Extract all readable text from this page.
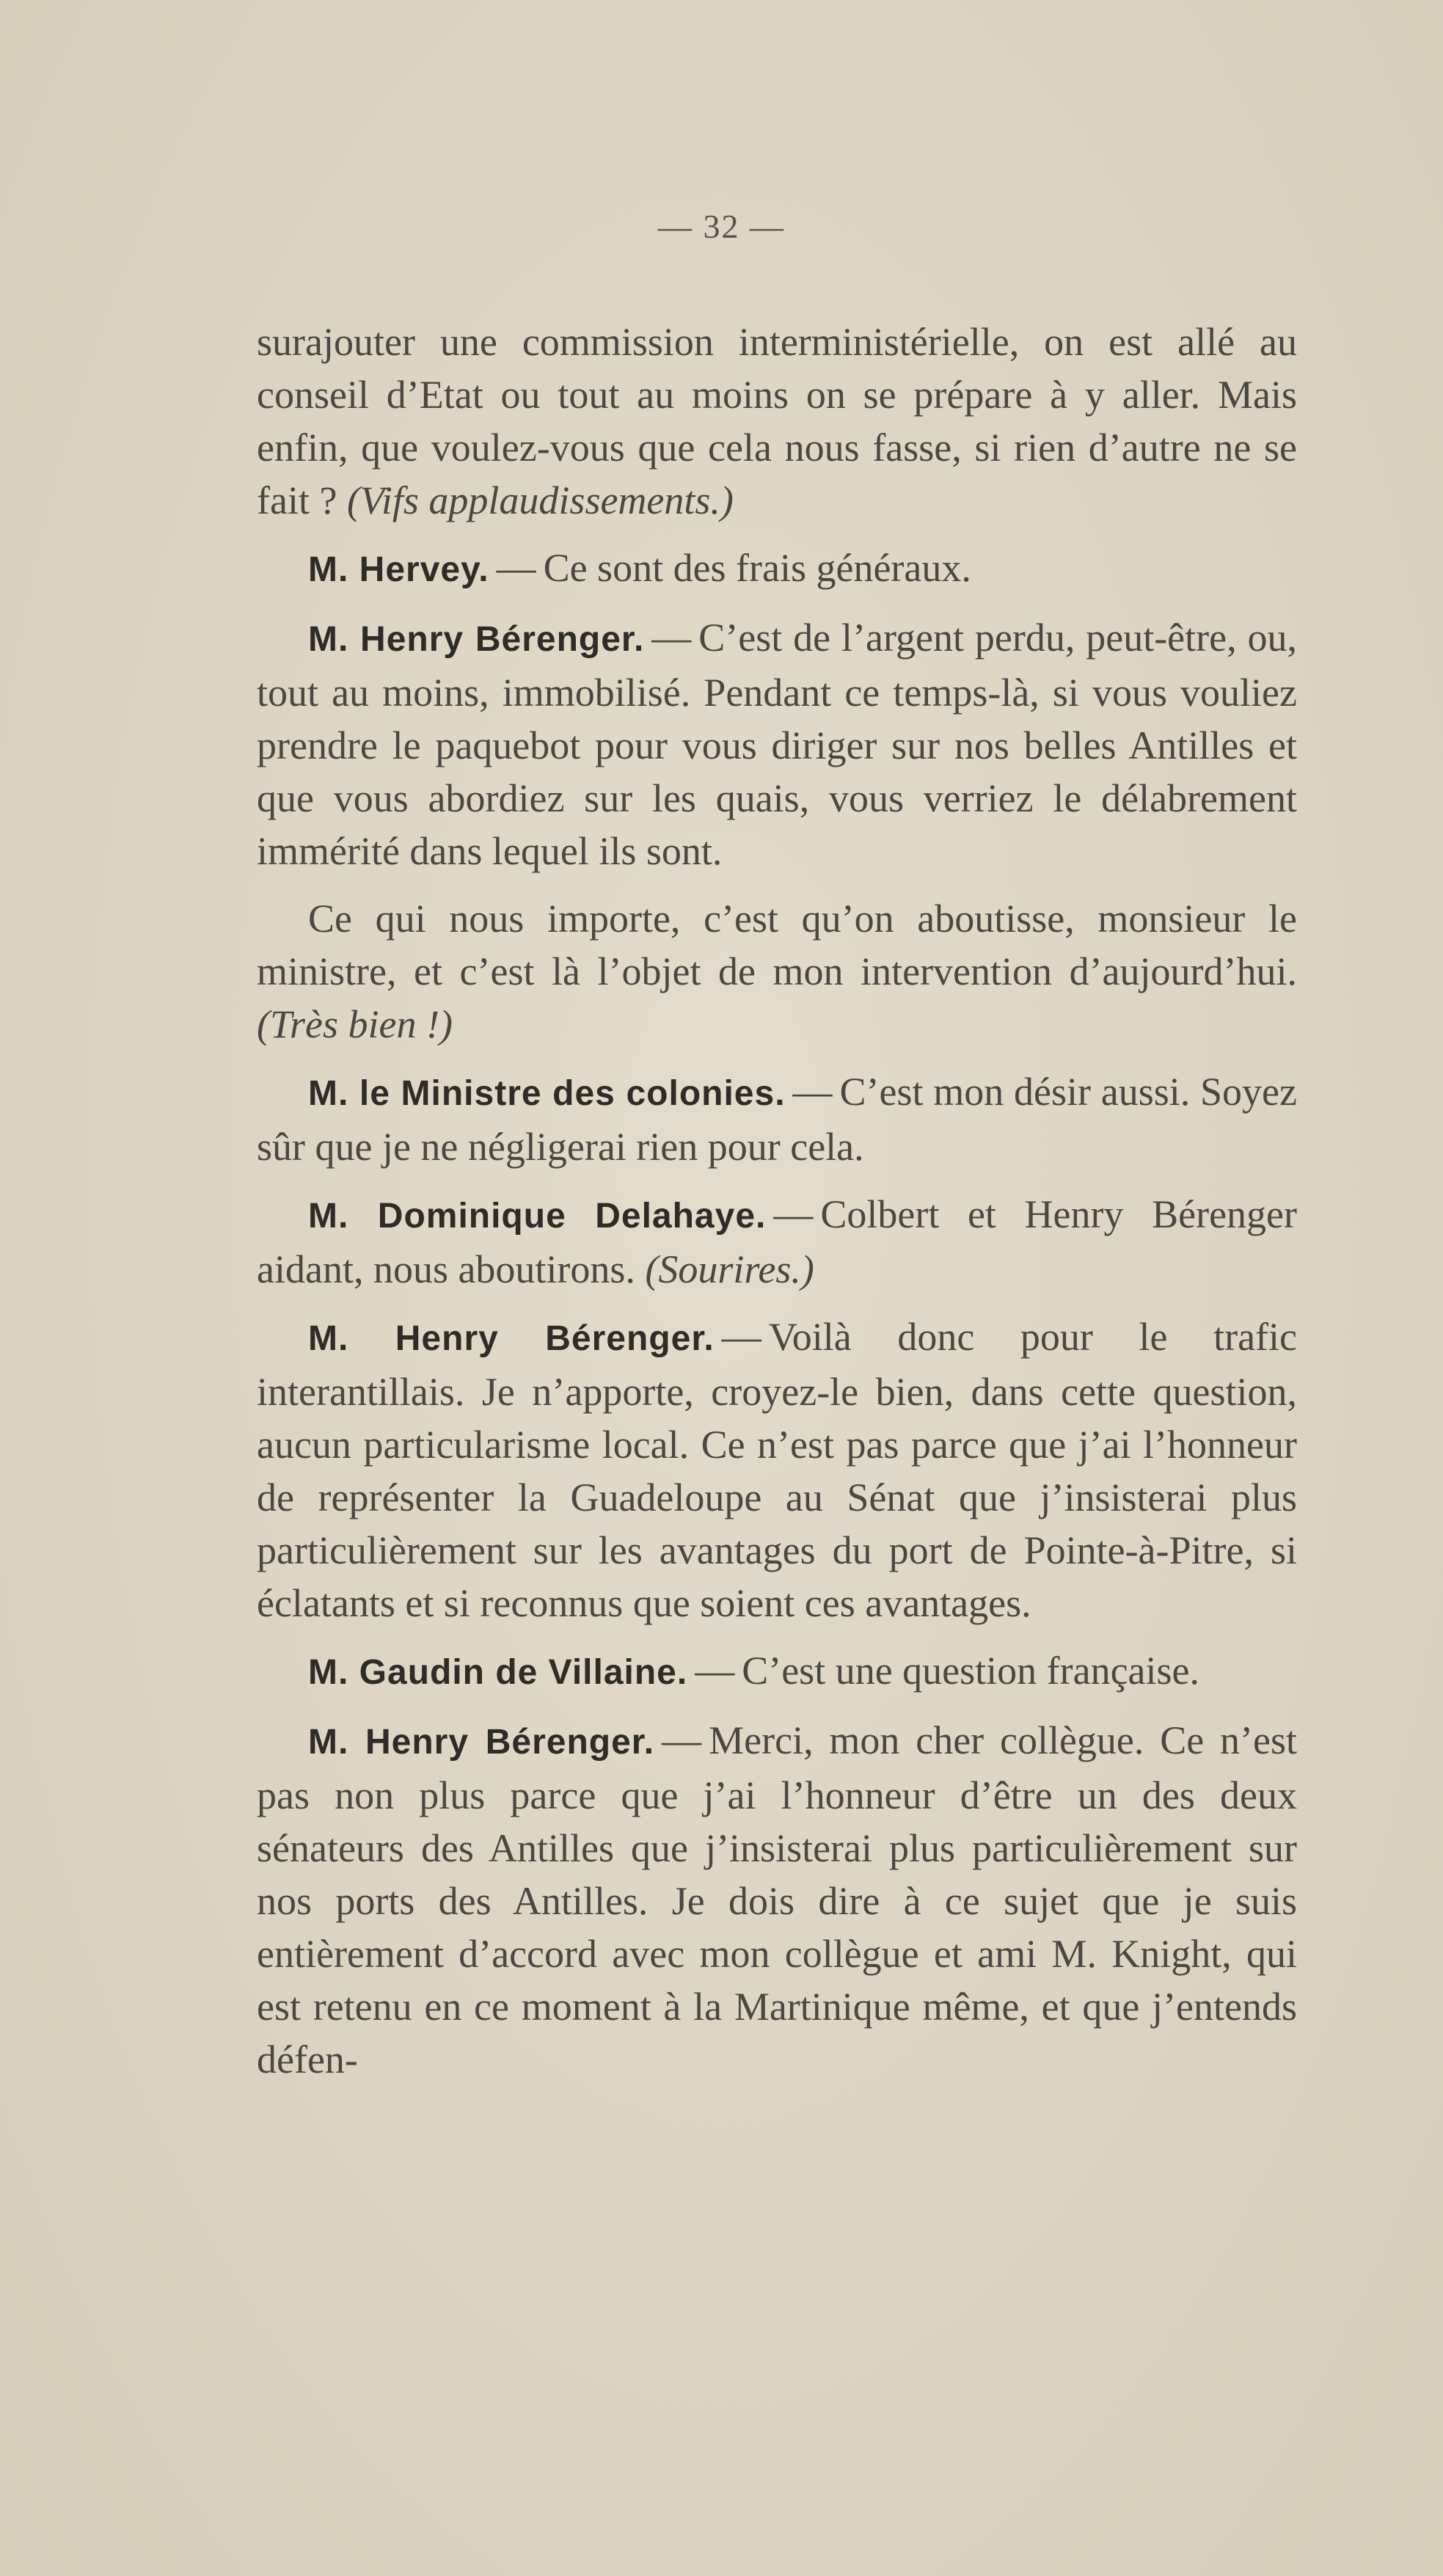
— 32 —

surajouter une commission interministérielle, on est allé au conseil d’Etat ou tout au moins on se prépare à y aller. Mais enfin, que voulez-vous que cela nous fasse, si rien d’autre ne se fait ? (Vifs applaudissements.)

M. Hervey. — Ce sont des frais généraux.

M. Henry Bérenger. — C’est de l’argent perdu, peut-être, ou, tout au moins, immobilisé. Pendant ce temps-là, si vous vouliez prendre le paquebot pour vous diriger sur nos belles Antilles et que vous abordiez sur les quais, vous verriez le délabrement immérité dans lequel ils sont.

Ce qui nous importe, c’est qu’on aboutisse, monsieur le ministre, et c’est là l’objet de mon intervention d’aujourd’hui. (Très bien !)

M. le Ministre des colonies. — C’est mon désir aussi. Soyez sûr que je ne négligerai rien pour cela.

M. Dominique Delahaye. — Colbert et Henry Bérenger aidant, nous aboutirons. (Sourires.)

M. Henry Bérenger. — Voilà donc pour le trafic interantillais. Je n’apporte, croyez-le bien, dans cette question, aucun particularisme local. Ce n’est pas parce que j’ai l’honneur de représenter la Guadeloupe au Sénat que j’insisterai plus particulièrement sur les avantages du port de Pointe-à-Pitre, si éclatants et si reconnus que soient ces avantages.

M. Gaudin de Villaine. — C’est une question française.

M. Henry Bérenger. — Merci, mon cher collègue. Ce n’est pas non plus parce que j’ai l’honneur d’être un des deux sénateurs des Antilles que j’insisterai plus particulièrement sur nos ports des Antilles. Je dois dire à ce sujet que je suis entièrement d’accord avec mon collègue et ami M. Knight, qui est retenu en ce moment à la Martinique même, et que j’entends défen-
